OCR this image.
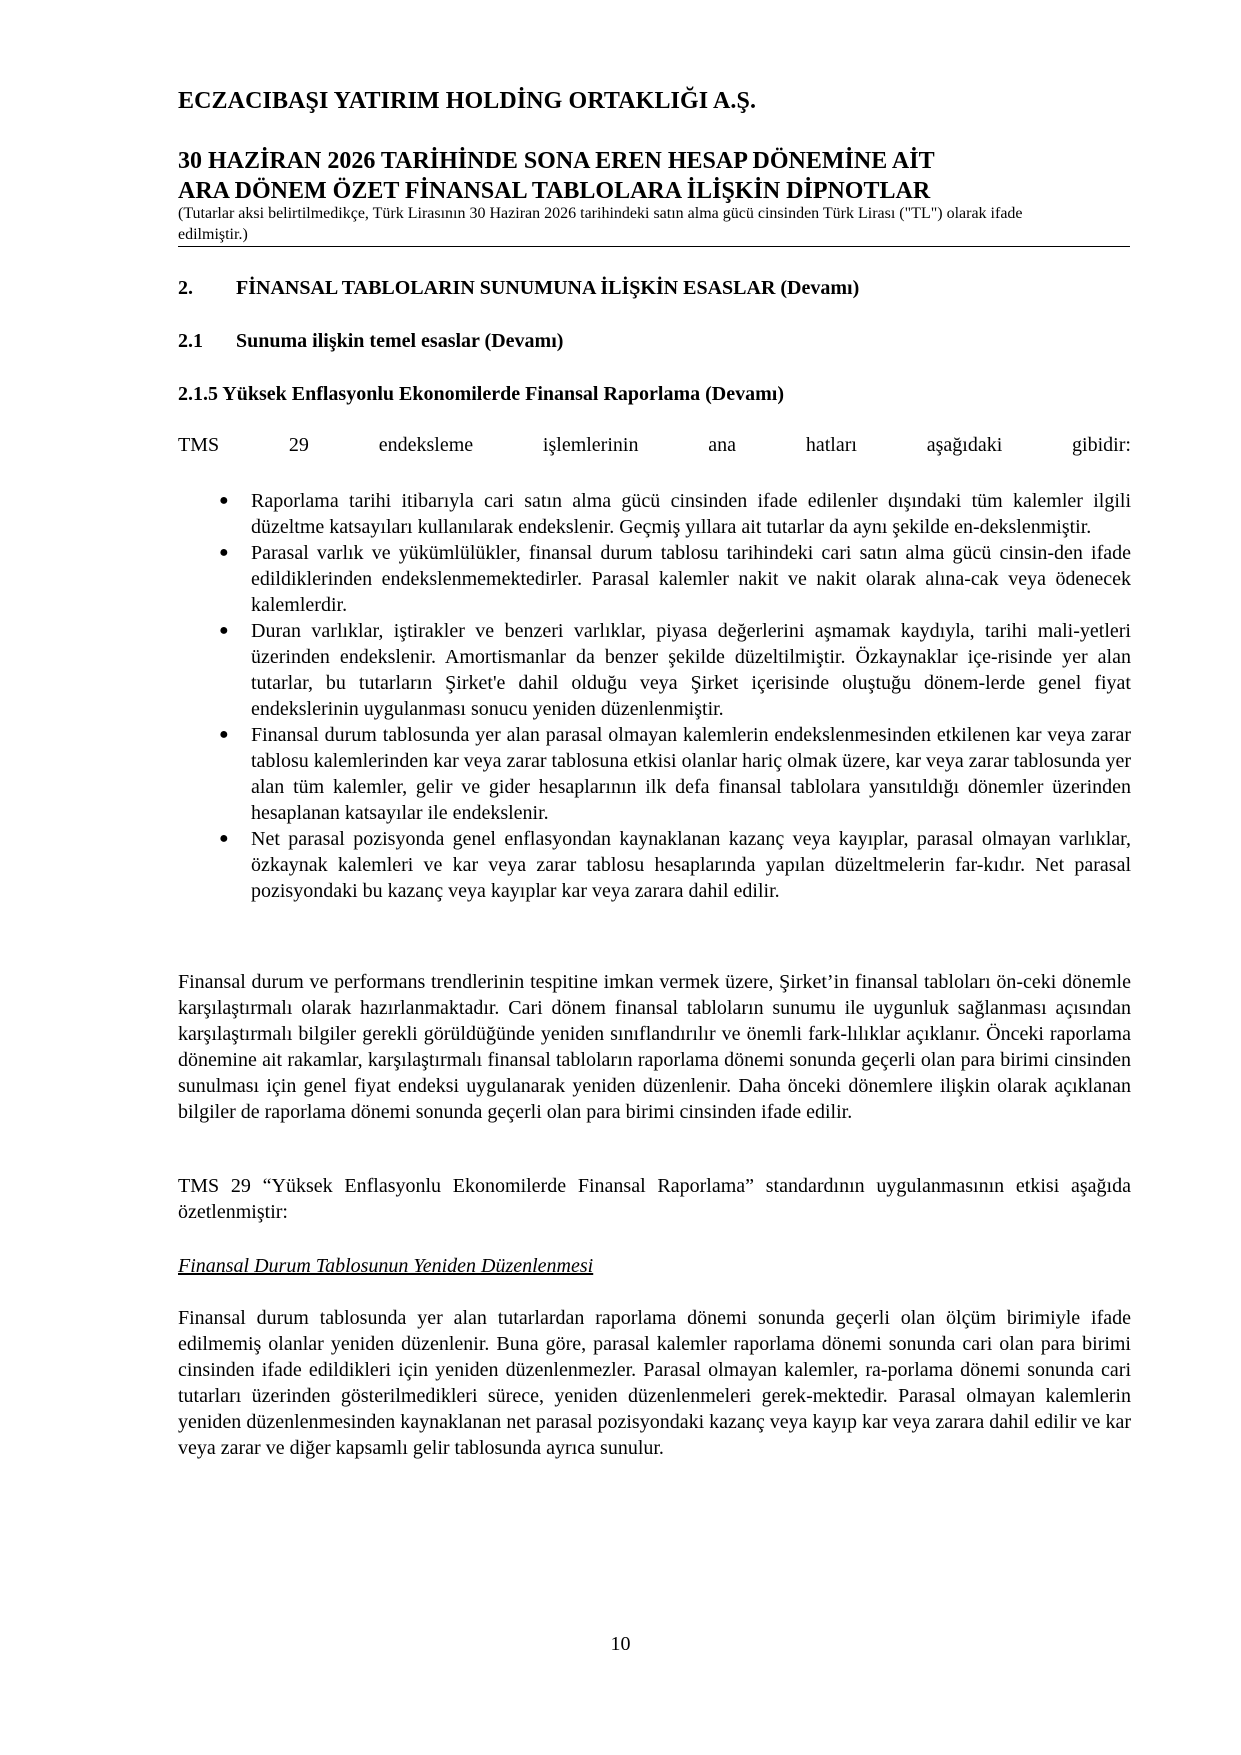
ECZACIBAŞI YATIRIM HOLDİNG ORTAKLIĞI A.Ş.
30 HAZİRAN 2026 TARİHİNDE SONA EREN HESAP DÖNEMİNE AİT
ARA DÖNEM ÖZET FİNANSAL TABLOLARA İLİŞKİN DİPNOTLAR
(Tutarlar aksi belirtilmedikçe, Türk Lirasının 30 Haziran 2026 tarihindeki satın alma gücü cinsinden Türk Lirası ("TL") olarak ifade edilmiştir.)
2. FİNANSAL TABLOLARIN SUNUMUNA İLİŞKİN ESASLAR (Devamı)
2.1 Sunuma ilişkin temel esaslar (Devamı)
2.1.5 Yüksek Enflasyonlu Ekonomilerde Finansal Raporlama (Devamı)
TMS	29	endeksleme	işlemlerinin	ana	hatları	aşağıdaki	gibidir:
● Raporlama tarihi itibarıyla cari satın alma gücü cinsinden ifade edilenler dışındaki tüm kalemler ilgili düzeltme katsayıları kullanılarak endekslenir. Geçmiş yıllara ait tutarlar da aynı şekilde en-dekslenmiştir.
● Parasal varlık ve yükümlülükler, finansal durum tablosu tarihindeki cari satın alma gücü cinsin-den ifade edildiklerinden endekslenmemektedirler. Parasal kalemler nakit ve nakit olarak alına-cak veya ödenecek kalemlerdir.
● Duran varlıklar, iştirakler ve benzeri varlıklar, piyasa değerlerini aşmamak kaydıyla, tarihi mali-yetleri üzerinden endekslenir. Amortismanlar da benzer şekilde düzeltilmiştir. Özkaynaklar içe-risinde yer alan tutarlar, bu tutarların Şirket'e dahil olduğu veya Şirket içerisinde oluştuğu dönem-lerde genel fiyat endekslerinin uygulanması sonucu yeniden düzenlenmiştir.
● Finansal durum tablosunda yer alan parasal olmayan kalemlerin endekslenmesinden etkilenen kar veya zarar tablosu kalemlerinden kar veya zarar tablosuna etkisi olanlar hariç olmak üzere, kar veya zarar tablosunda yer alan tüm kalemler, gelir ve gider hesaplarının ilk defa finansal tablolara yansıtıldığı dönemler üzerinden hesaplanan katsayılar ile endekslenir.
● Net parasal pozisyonda genel enflasyondan kaynaklanan kazanç veya kayıplar, parasal olmayan varlıklar, özkaynak kalemleri ve kar veya zarar tablosu hesaplarında yapılan düzeltmelerin far-kıdır. Net parasal pozisyondaki bu kazanç veya kayıplar kar veya zarara dahil edilir.
Finansal durum ve performans trendlerinin tespitine imkan vermek üzere, Şirket’in finansal tabloları ön-ceki dönemle karşılaştırmalı olarak hazırlanmaktadır. Cari dönem finansal tabloların sunumu ile uygunluk sağlanması açısından karşılaştırmalı bilgiler gerekli görüldüğünde yeniden sınıflandırılır ve önemli fark-lılıklar açıklanır. Önceki raporlama dönemine ait rakamlar, karşılaştırmalı finansal tabloların raporlama dönemi sonunda geçerli olan para birimi cinsinden sunulması için genel fiyat endeksi uygulanarak yeniden düzenlenir. Daha önceki dönemlere ilişkin olarak açıklanan bilgiler de raporlama dönemi sonunda geçerli olan para birimi cinsinden ifade edilir.
TMS 29 “Yüksek Enflasyonlu Ekonomilerde Finansal Raporlama” standardının uygulanmasının etkisi aşağıda özetlenmiştir:
Finansal Durum Tablosunun Yeniden Düzenlenmesi
Finansal durum tablosunda yer alan tutarlardan raporlama dönemi sonunda geçerli olan ölçüm birimiyle ifade edilmemiş olanlar yeniden düzenlenir. Buna göre, parasal kalemler raporlama dönemi sonunda cari olan para birimi cinsinden ifade edildikleri için yeniden düzenlenmezler. Parasal olmayan kalemler, ra-porlama dönemi sonunda cari tutarları üzerinden gösterilmedikleri sürece, yeniden düzenlenmeleri gerek-mektedir. Parasal olmayan kalemlerin yeniden düzenlenmesinden kaynaklanan net parasal pozisyondaki kazanç veya kayıp kar veya zarara dahil edilir ve kar veya zarar ve diğer kapsamlı gelir tablosunda ayrıca sunulur.
10
